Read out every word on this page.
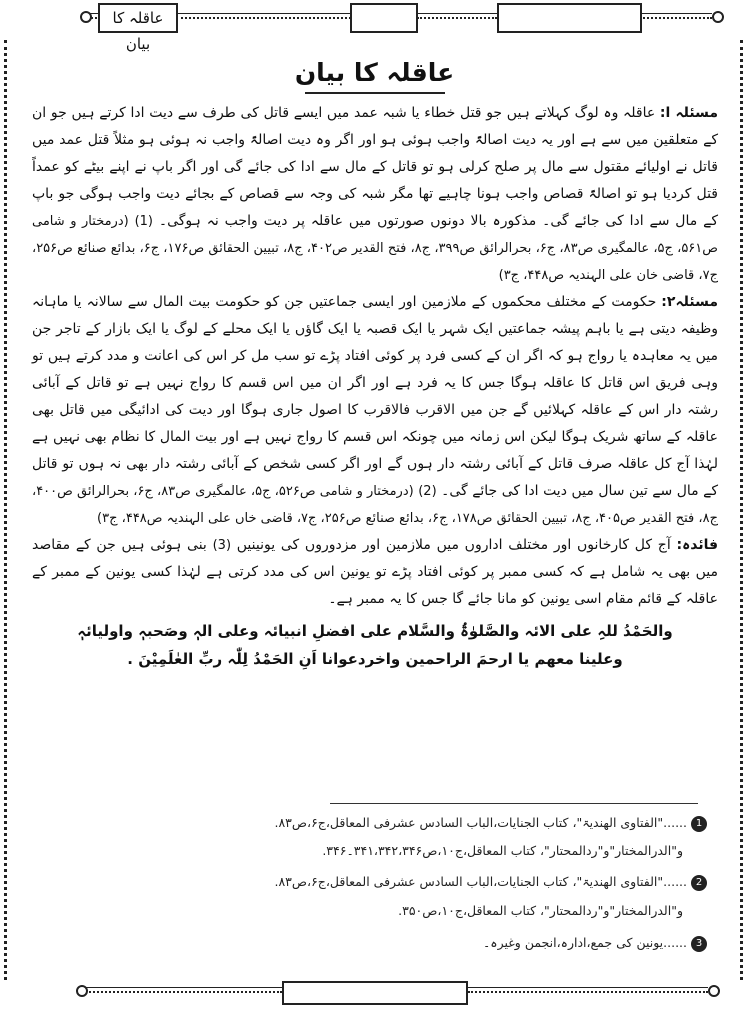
عاقلہ کا بیان
عاقلہ کا بیان

مسئلہ ا: عاقلہ وہ لوگ کہلاتے ہیں جو قتل خطاء یا شبہ عمد میں ایسے قاتل کی طرف سے دیت ادا کرتے ہیں جو ان کے متعلقین میں سے ہے اور یہ دیت اصالۃً واجب ہوئی ہو اور اگر وہ دیت اصالۃً واجب نہ ہوئی ہو مثلاً قتل عمد میں قاتل نے اولیائے مقتول سے مال پر صلح کرلی ہو تو قاتل کے مال سے ادا کی جائے گی اور اگر باپ نے اپنے بیٹے کو عمداً قتل کردیا ہو تو اصالۃً قصاص واجب ہونا چاہیے تھا مگر شبہ کی وجہ سے قصاص کے بجائے دیت واجب ہوگی جو باپ کے مال سے ادا کی جائے گی۔ مذکورہ بالا دونوں صورتوں میں عاقلہ پر دیت واجب نہ ہوگی۔ (1) (درمختار و شامی ص۵۶۱، ج۵، عالمگیری ص۸۳، ج۶، بحرالرائق ص۳۹۹، ج۸، فتح القدیر ص۴۰۲، ج۸، تبیین الحقائق ص۱۷۶، ج۶، بدائع صنائع ص۲۵۶، ج۷، قاضی خان علی الہندیہ ص۴۴۸، ج۳)

مسئلہ۲: حکومت کے مختلف محکموں کے ملازمین اور ایسی جماعتیں جن کو حکومت بیت المال سے سالانہ یا ماہانہ وظیفہ دیتی ہے یا باہم پیشہ جماعتیں ایک شہر یا ایک قصبہ یا ایک گاؤں یا ایک محلے کے لوگ یا ایک بازار کے تاجر جن میں یہ معاہدہ یا رواج ہو کہ اگر ان کے کسی فرد پر کوئی افتاد پڑے تو سب مل کر اس کی اعانت و مدد کرتے ہیں تو وہی فریق اس قاتل کا عاقلہ ہوگا جس کا یہ فرد ہے اور اگر ان میں اس قسم کا رواج نہیں ہے تو قاتل کے آبائی رشتہ دار اس کے عاقلہ کہلائیں گے جن میں الاقرب فالاقرب کا اصول جاری ہوگا اور دیت کی ادائیگی میں قاتل بھی عاقلہ کے ساتھ شریک ہوگا لیکن اس زمانہ میں چونکہ اس قسم کا رواج نہیں ہے اور بیت المال کا نظام بھی نہیں ہے لہٰذا آج کل عاقلہ صرف قاتل کے آبائی رشتہ دار ہوں گے اور اگر کسی شخص کے آبائی رشتہ دار بھی نہ ہوں تو قاتل کے مال سے تین سال میں دیت ادا کی جائے گی۔ (2) (درمختار و شامی ص۵۲۶، ج۵، عالمگیری ص۸۳، ج۶، بحرالرائق ص۴۰۰، ج۸، فتح القدیر ص۴۰۵، ج۸، تبیین الحقائق ص۱۷۸، ج۶، بدائع صنائع ص۲۵۶، ج۷، قاضی خاں علی الہندیہ ص۴۴۸، ج۳)

فائدہ: آج کل کارخانوں اور مختلف اداروں میں ملازمین اور مزدوروں کی یونینیں (3) بنی ہوئی ہیں جن کے مقاصد میں بھی یہ شامل ہے کہ کسی ممبر پر کوئی افتاد پڑے تو یونین اس کی مدد کرتی ہے لہٰذا کسی یونین کے ممبر کے عاقلہ کے قائم مقام اسی یونین کو مانا جائے گا جس کا یہ ممبر ہے۔

والحَمْدُ للہِ علی الائہ والصَّلوٰۃُ والسَّلام علی افضلِ انبیائہ وعلی الہٖ وصَحبہٖ واولیائہٖ
وعلینا معھم یا ارحمَ الراحمین واخردعوانا اَنِ الحَمْدُ لِلّٰہ ربِّ العٰلَمِیْنَ .
1......"الفتاوی الھندیۃ"، کتاب الجنایات،الباب السادس عشرفی المعاقل،ج۶،ص۸۳.
و"الدرالمختار"و"ردالمحتار"، کتاب المعاقل،ج۱۰،ص۳۴۱،۳۴۲،۳۴۶۔۳۴۶.
2......"الفتاوی الھندیۃ"، کتاب الجنایات،الباب السادس عشرفی المعاقل،ج۶،ص۸۳.
و"الدرالمختار"و"ردالمحتار"، کتاب المعاقل،ج۱۰،ص۳۵۰.
3......یونین کی جمع،ادارہ،انجمن وغیرہ۔
